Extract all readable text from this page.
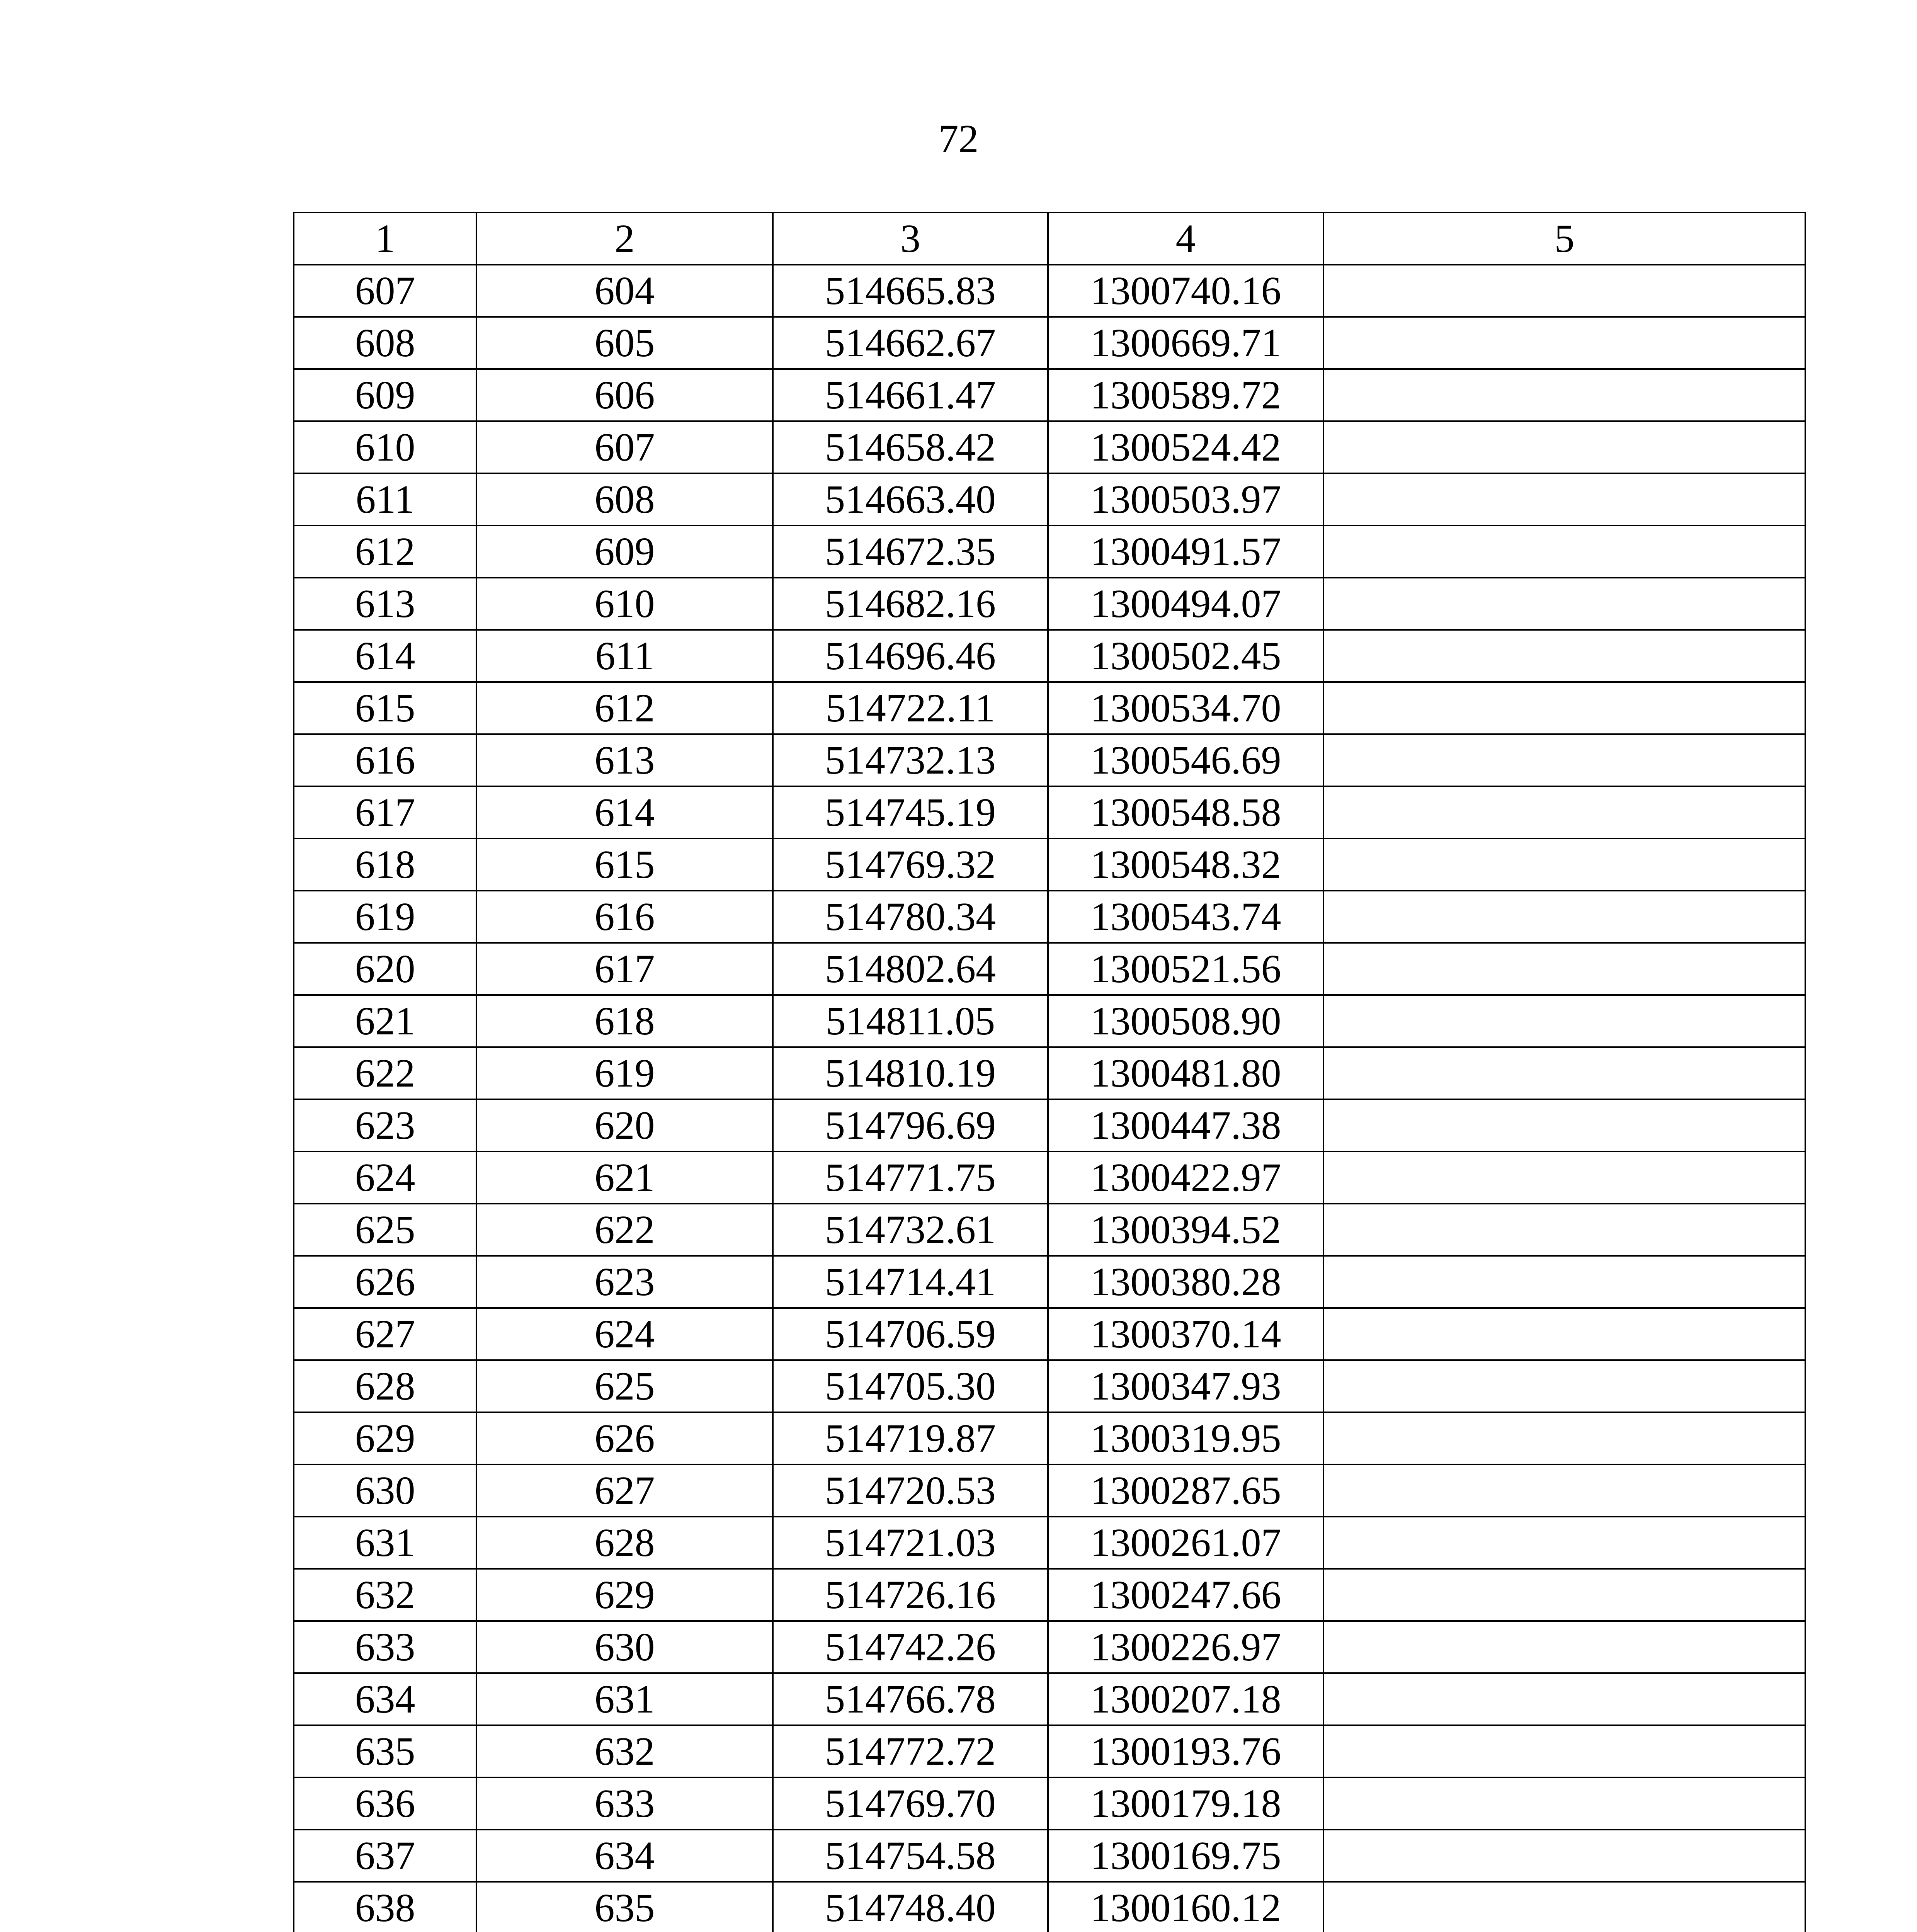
72
1	2	3	4	5
607	604	514665.83	1300740.16	
608	605	514662.67	1300669.71	
609	606	514661.47	1300589.72	
610	607	514658.42	1300524.42	
611	608	514663.40	1300503.97	
612	609	514672.35	1300491.57	
613	610	514682.16	1300494.07	
614	611	514696.46	1300502.45	
615	612	514722.11	1300534.70	
616	613	514732.13	1300546.69	
617	614	514745.19	1300548.58	
618	615	514769.32	1300548.32	
619	616	514780.34	1300543.74	
620	617	514802.64	1300521.56	
621	618	514811.05	1300508.90	
622	619	514810.19	1300481.80	
623	620	514796.69	1300447.38	
624	621	514771.75	1300422.97	
625	622	514732.61	1300394.52	
626	623	514714.41	1300380.28	
627	624	514706.59	1300370.14	
628	625	514705.30	1300347.93	
629	626	514719.87	1300319.95	
630	627	514720.53	1300287.65	
631	628	514721.03	1300261.07	
632	629	514726.16	1300247.66	
633	630	514742.26	1300226.97	
634	631	514766.78	1300207.18	
635	632	514772.72	1300193.76	
636	633	514769.70	1300179.18	
637	634	514754.58	1300169.75	
638	635	514748.40	1300160.12	
